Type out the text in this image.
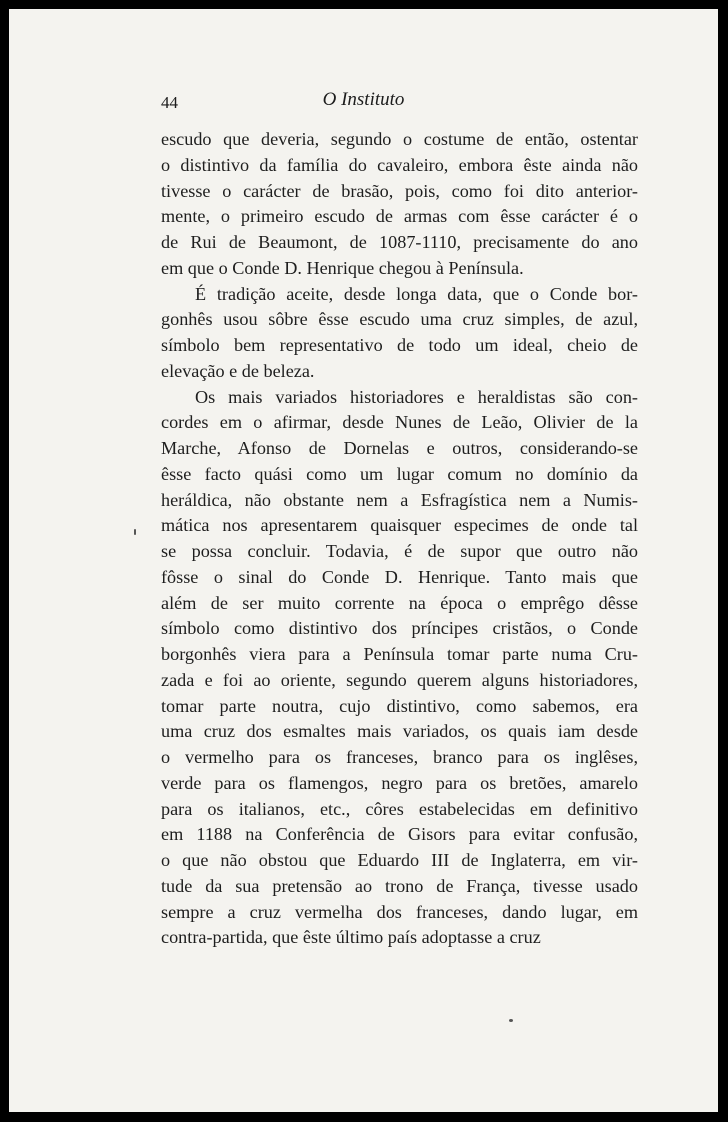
44	O Instituto

escudo que deveria, segundo o costume de então, ostentar
o distintivo da família do cavaleiro, embora êste ainda não
tivesse o carácter de brasão, pois, como foi dito anterior-
mente, o primeiro escudo de armas com êsse carácter é o
de Rui de Beaumont, de 1087-1110, precisamente do ano
em que o Conde D. Henrique chegou à Península.

É tradição aceite, desde longa data, que o Conde bor-
gonhês usou sôbre êsse escudo uma cruz simples, de azul,
símbolo bem representativo de todo um ideal, cheio de
elevação e de beleza.

Os mais variados historiadores e heraldistas são con-
cordes em o afirmar, desde Nunes de Leão, Olivier de la
Marche, Afonso de Dornelas e outros, considerando-se
êsse facto quási como um lugar comum no domínio da
heráldica, não obstante nem a Esfragística nem a Numis-
mática nos apresentarem quaisquer especimes de onde tal
se possa concluir. Todavia, é de supor que outro não
fôsse o sinal do Conde D. Henrique. Tanto mais que
além de ser muito corrente na época o emprêgo dêsse
símbolo como distintivo dos príncipes cristãos, o Conde
borgonhês viera para a Península tomar parte numa Cru-
zada e foi ao oriente, segundo querem alguns historiadores,
tomar parte noutra, cujo distintivo, como sabemos, era
uma cruz dos esmaltes mais variados, os quais iam desde
o vermelho para os franceses, branco para os inglêses,
verde para os flamengos, negro para os bretões, amarelo
para os italianos, etc., côres estabelecidas em definitivo
em 1188 na Conferência de Gisors para evitar confusão,
o que não obstou que Eduardo III de Inglaterra, em vir-
tude da sua pretensão ao trono de França, tivesse usado
sempre a cruz vermelha dos franceses, dando lugar, em
contra-partida, que êste último país adoptasse a cruz
